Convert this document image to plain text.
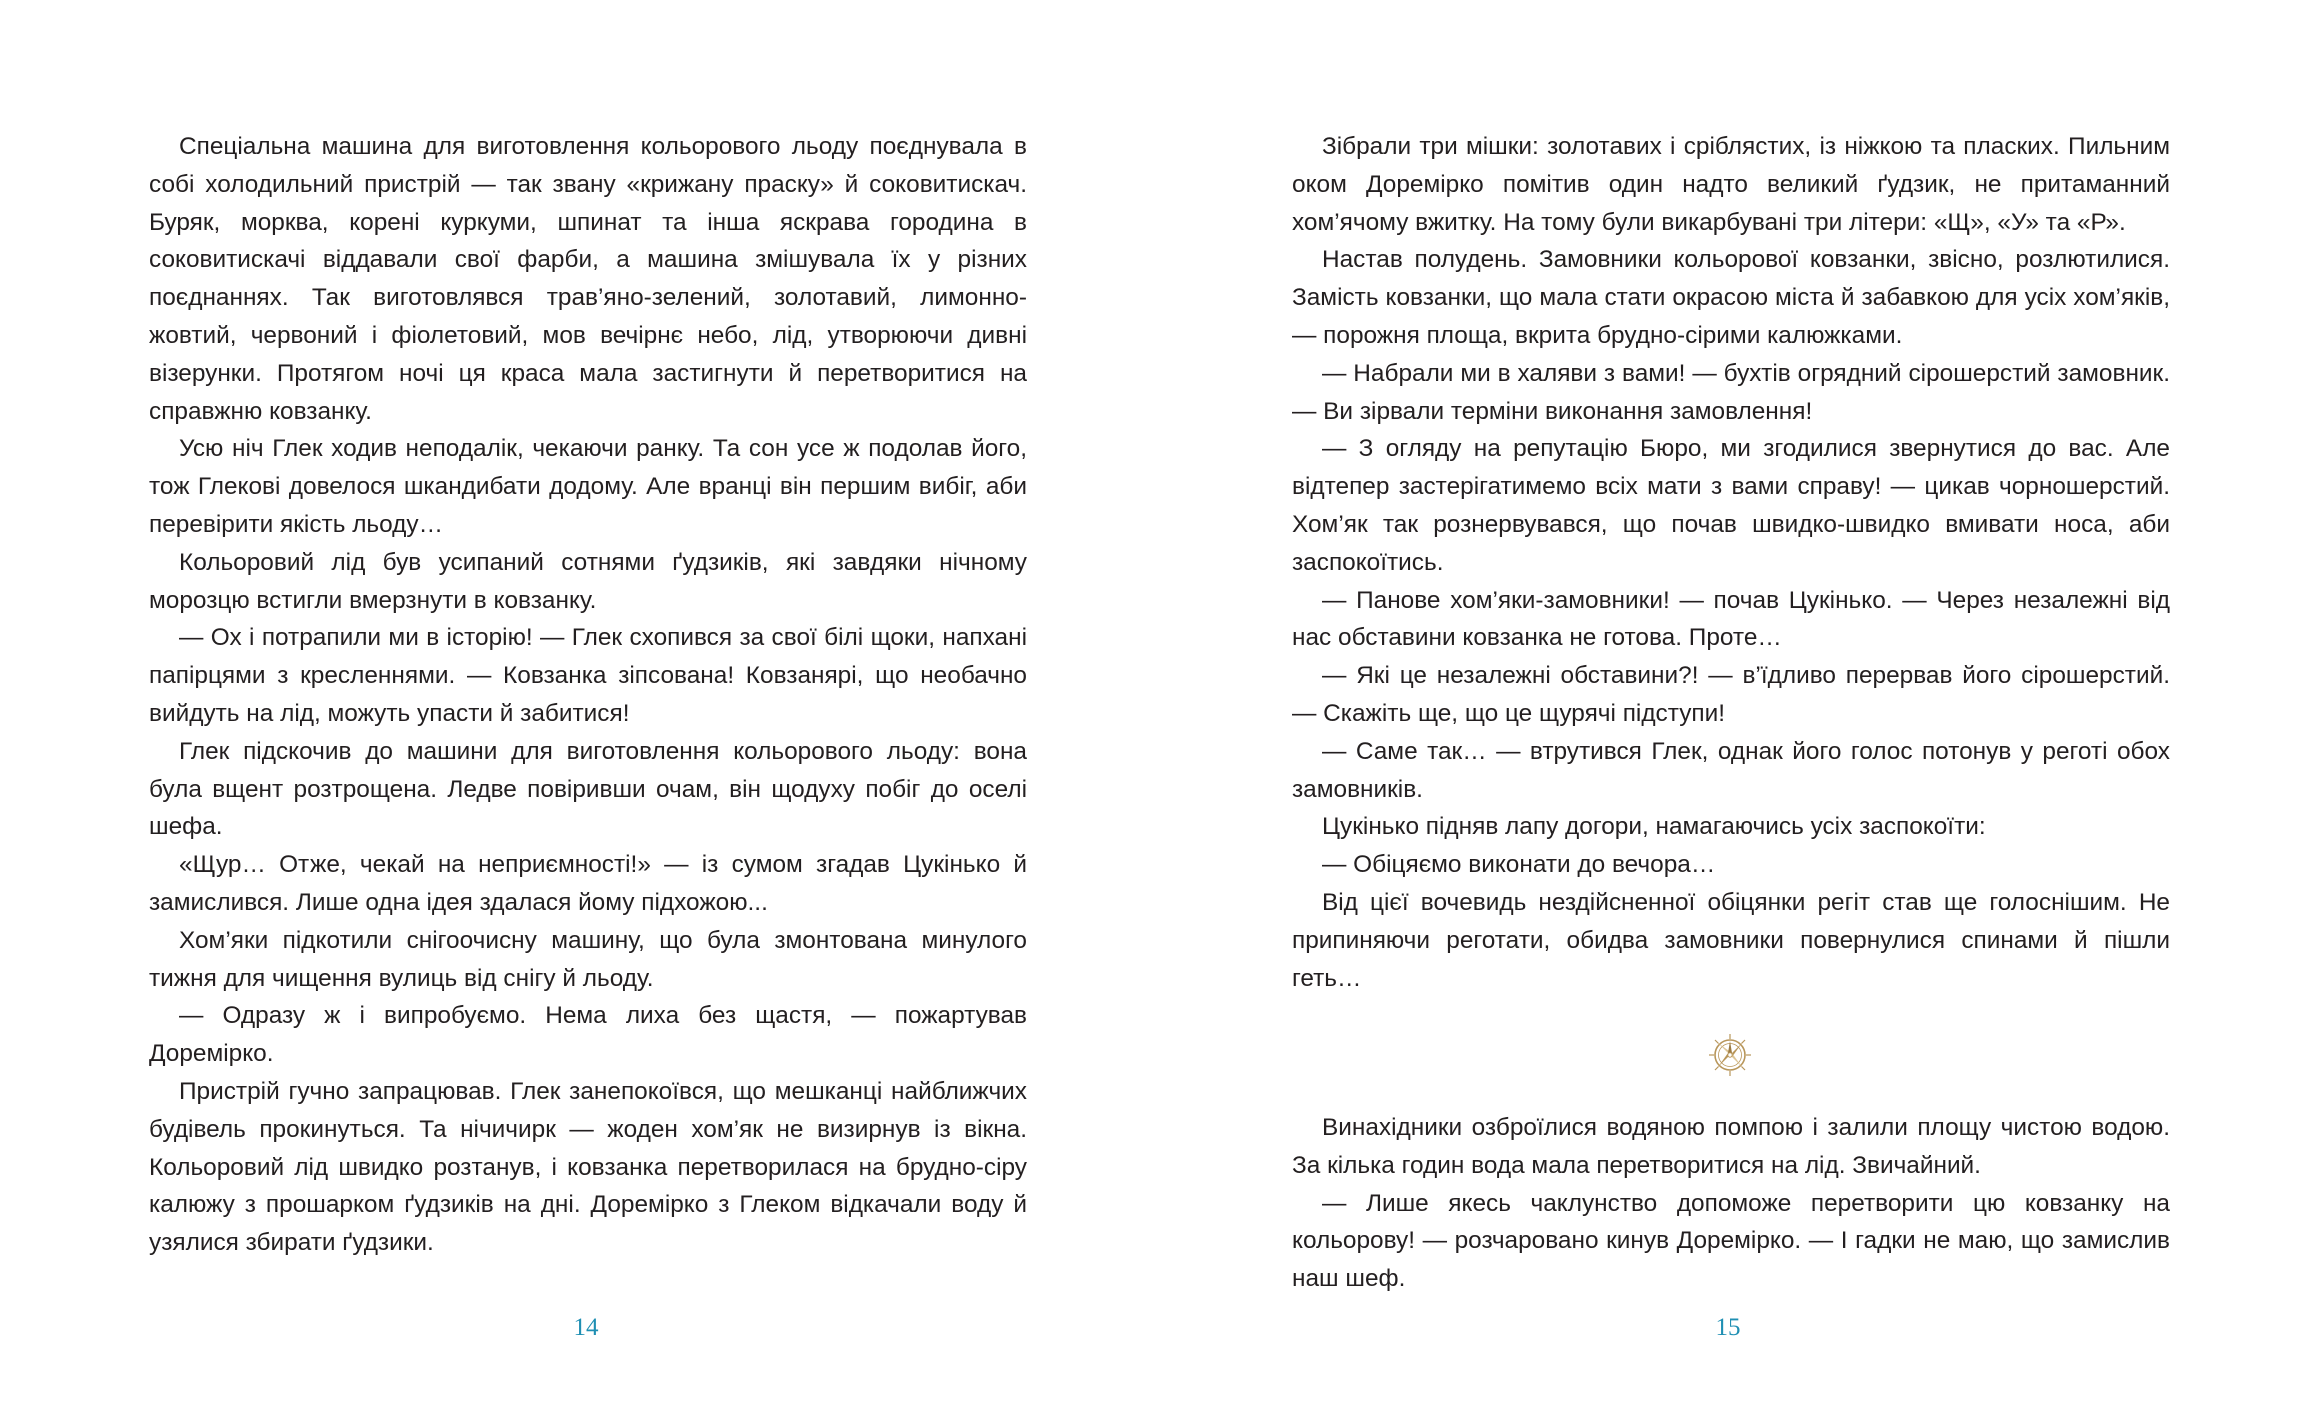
Спеціальна машина для виготовлення кольорового льоду поєднувала в собі холодильний пристрій — так звану «крижану праску» й соковитискач. Буряк, морква, корені куркуми, шпинат та інша яскрава городина в соковитискачі віддавали свої фарби, а машина змішувала їх у різних поєднаннях. Так виготовлявся трав’яно-зелений, золотавий, лимонно-жовтий, червоний і фіолетовий, мов вечірнє небо, лід, утворюючи дивні візерунки. Протягом ночі ця краса мала застигнути й перетворитися на справжню ковзанку.

Усю ніч Глек ходив неподалік, чекаючи ранку. Та сон усе ж подолав його, тож Глекові довелося шкандибати додому. Але вранці він першим вибіг, аби перевірити якість льоду…

Кольоровий лід був усипаний сотнями ґудзиків, які завдяки нічному морозцю встигли вмерзнути в ковзанку.

— Ох і потрапили ми в історію! — Глек схопився за свої білі щоки, напхані папірцями з кресленнями. — Ковзанка зіпсована! Ковзанярі, що необачно вийдуть на лід, можуть упасти й забитися!

Глек підскочив до машини для виготовлення кольорового льоду: вона була вщент розтрощена. Ледве повіривши очам, він щодуху побіг до оселі шефа.

«Щур… Отже, чекай на неприємності!» — із сумом згадав Цукінько й замислився. Лише одна ідея здалася йому підхожою...

Хом’яки підкотили снігоочисну машину, що була змонтована минулого тижня для чищення вулиць від снігу й льоду.

— Одразу ж і випробуємо. Нема лиха без щастя, — пожартував Доремірко.

Пристрій гучно запрацював. Глек занепокоївся, що мешканці найближчих будівель прокинуться. Та нічичирк — жоден хом’як не визирнув із вікна. Кольоровий лід швидко розтанув, і ковзанка перетворилася на брудно-сіру калюжу з прошарком ґудзиків на дні. Доремірко з Глеком відкачали воду й узялися збирати ґудзики.

14

Зібрали три мішки: золотавих і сріблястих, із ніжкою та пласких. Пильним оком Доремірко помітив один надто великий ґудзик, не притаманний хом’ячому вжитку. На тому були викарбувані три літери: «Щ», «У» та «Р».

Настав полудень. Замовники кольорової ковзанки, звісно, розлютилися. Замість ковзанки, що мала стати окрасою міста й забавкою для усіх хом’яків, — порожня площа, вкрита брудно-сірими калюжками.

— Набрали ми в халяви з вами! — бухтів огрядний сірошерстий замовник. — Ви зірвали терміни виконання замовлення!

— З огляду на репутацію Бюро, ми згодилися звернутися до вас. Але відтепер застерігатимемо всіх мати з вами справу! — цикав чорношерстий. Хом’як так рознервувався, що почав швидко-швидко вмивати носа, аби заспокоїтись.

— Панове хом’яки-замовники! — почав Цукінько. — Через незалежні від нас обставини ковзанка не готова. Проте…

— Які це незалежні обставини?! — в’їдливо перервав його сірошерстий. — Скажіть ще, що це щурячі підступи!

— Саме так… — втрутився Глек, однак його голос потонув у реготі обох замовників.

Цукінько підняв лапу догори, намагаючись усіх заспокоїти:

— Обіцяємо виконати до вечора…

Від цієї вочевидь нездійсненної обіцянки регіт став ще голоснішим. Не припиняючи реготати, обидва замовники повернулися спинами й пішли геть…

Винахідники озброїлися водяною помпою і залили площу чистою водою. За кілька годин вода мала перетворитися на лід. Звичайний.

— Лише якесь чаклунство допоможе перетворити цю ковзанку на кольорову! — розчаровано кинув Доремірко. — І гадки не маю, що замислив наш шеф.

15
